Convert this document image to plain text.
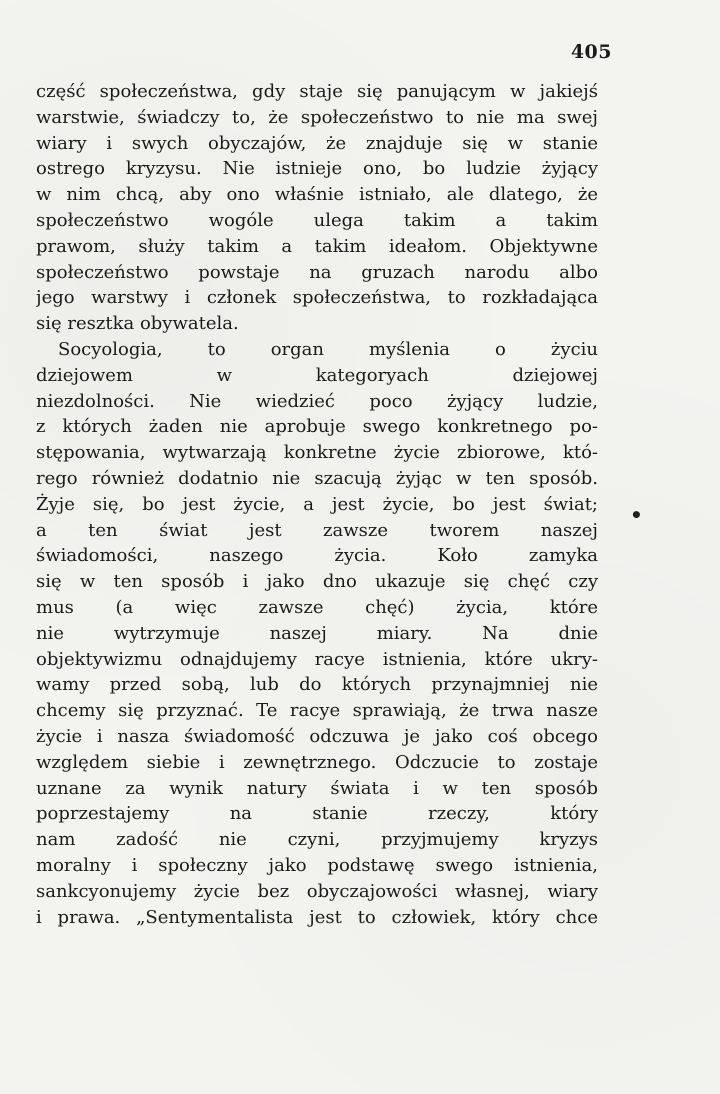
405
część społeczeństwa, gdy staje się panującym w jakiejś
warstwie, świadczy to, że społeczeństwo to nie ma swej
wiary i swych obyczajów, że znajduje się w stanie
ostrego kryzysu. Nie istnieje ono, bo ludzie żyjący
w nim chcą, aby ono właśnie istniało, ale dlatego, że
społeczeństwo wogóle ulega takim a takim
prawom, służy takim a takim ideałom. Objektywne
społeczeństwo powstaje na gruzach narodu albo
jego warstwy i członek społeczeństwa, to rozkładająca
się resztka obywatela.
Socyologia, to organ myślenia o życiu
dziejowem w kategoryach dziejowej
niezdolności. Nie wiedzieć poco żyjący ludzie,
z których żaden nie aprobuje swego konkretnego po-
stępowania, wytwarzają konkretne życie zbiorowe, któ-
rego również dodatnio nie szacują żyjąc w ten sposób.
Żyje się, bo jest życie, a jest życie, bo jest świat;
a ten świat jest zawsze tworem naszej
świadomości, naszego życia. Koło zamyka
się w ten sposób i jako dno ukazuje się chęć czy
mus (a więc zawsze chęć) życia, które
nie wytrzymuje naszej miary. Na dnie
objektywizmu odnajdujemy racye istnienia, które ukry-
wamy przed sobą, lub do których przynajmniej nie
chcemy się przyznać. Te racye sprawiają, że trwa nasze
życie i nasza świadomość odczuwa je jako coś obcego
względem siebie i zewnętrznego. Odczucie to zostaje
uznane za wynik natury świata i w ten sposób
poprzestajemy na stanie rzeczy, który
nam zadość nie czyni, przyjmujemy kryzys
moralny i społeczny jako podstawę swego istnienia,
sankcyonujemy życie bez obyczajowości własnej, wiary
i prawa. „Sentymentalista jest to człowiek, który chce
•
